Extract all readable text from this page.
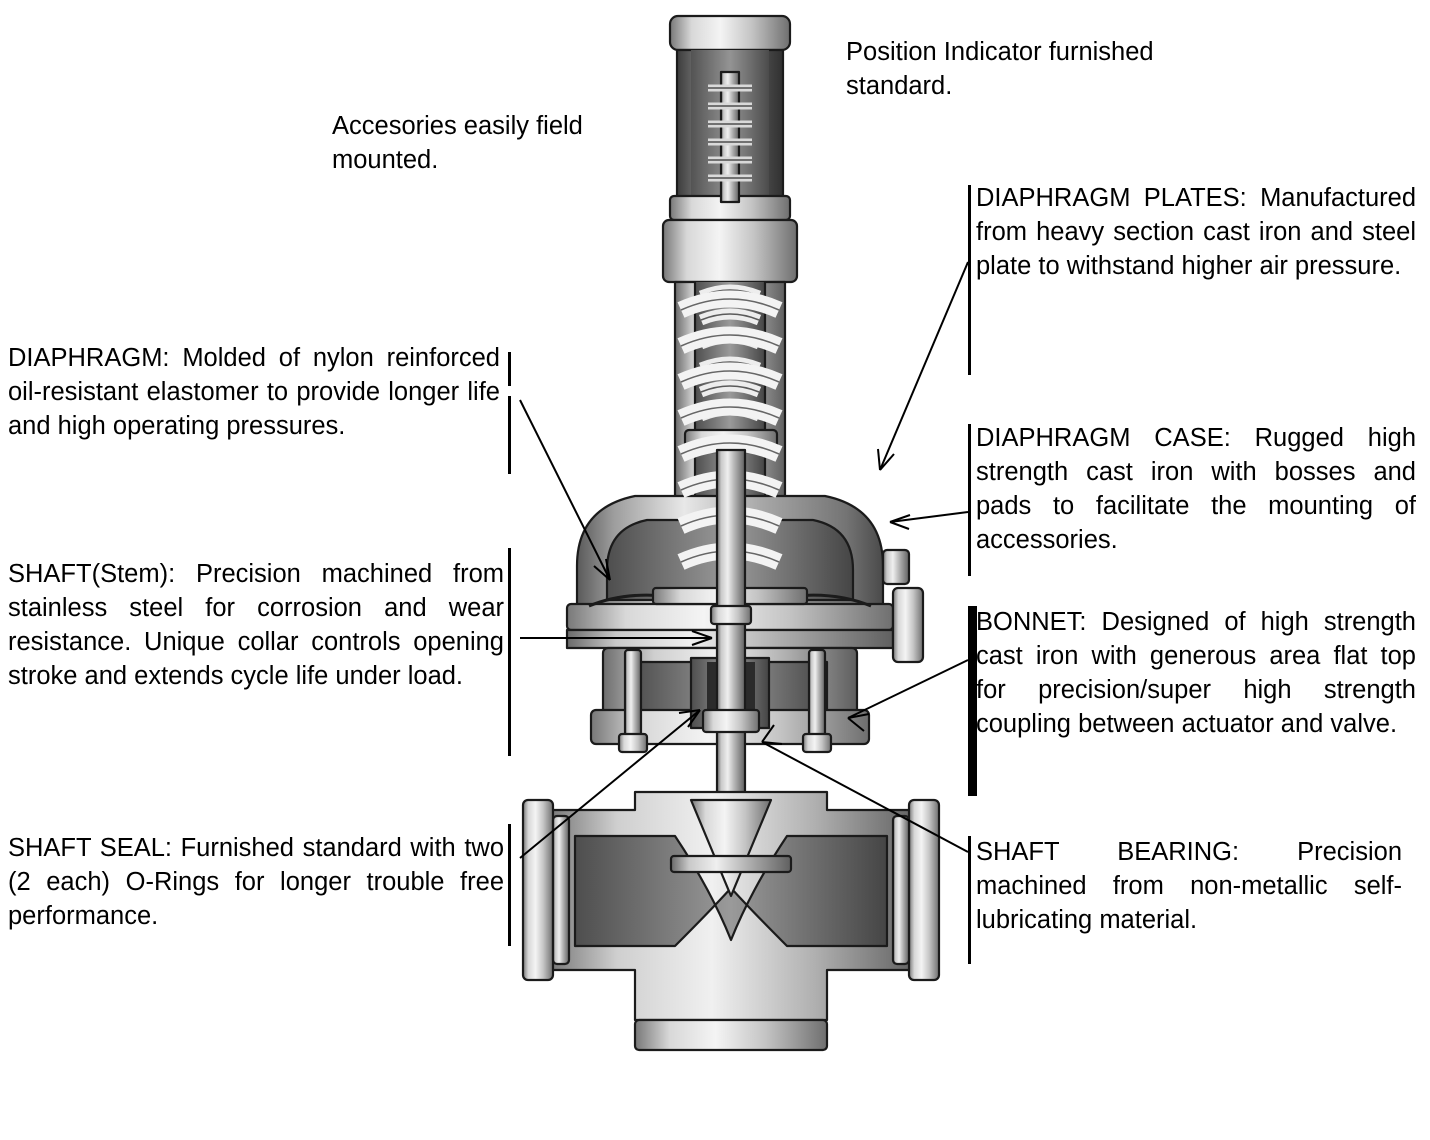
Accesories easily field mounted.
Position Indicator furnished standard.
DIAPHRAGM PLATES: Manufactured from heavy section cast iron and steel plate to withstand higher air pressure.
DIAPHRAGM: Molded of nylon reinforced oil-resistant elastomer to provide longer life and high operating pressures.	DIAPHRAGM CASE: Rugged high strength cast iron with bosses and pads to facilitate the mounting of accessories.
SHAFT(Stem): Precision machined from stainless steel for corrosion and wear resistance. Unique collar controls opening stroke and extends cycle life under load.
BONNET: Designed of high strength cast iron with generous area flat top for precision/super high strength coupling between actuator and valve.
SHAFT SEAL: Furnished standard with two (2 each) O-Rings for longer trouble free performance.
SHAFT BEARING: Precision machined from non-metallic self-lubricating material.
